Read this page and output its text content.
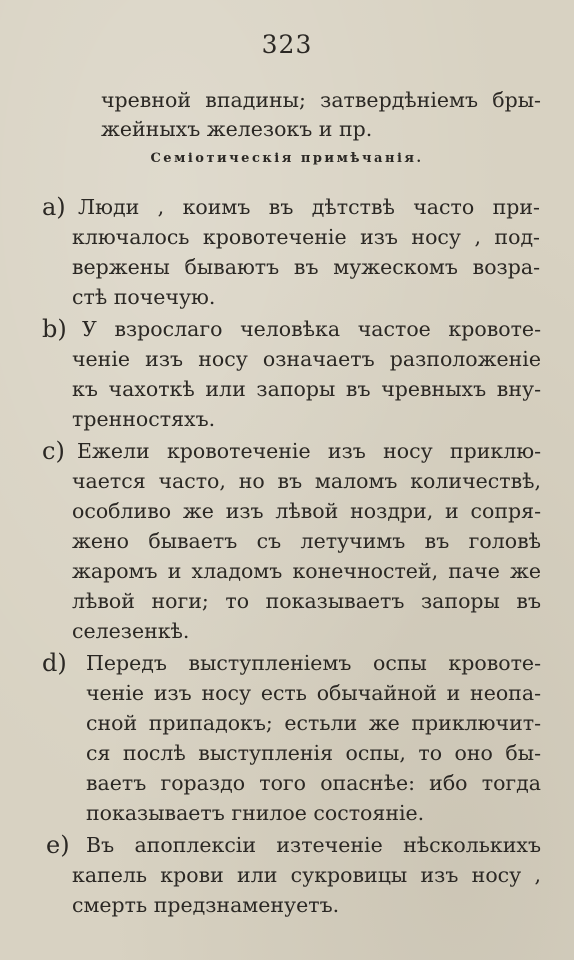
323
чревной впадины; затвердѣніемъ бры-
жейныхъ железокъ и пр.
Семіотическія примѣчанія.
a) Люди , коимъ въ дѣтствѣ часто при-
ключалось кровотеченіе изъ носу , под-
вержены бываютъ въ мужескомъ возра-
стѣ почечую.
b) У взрослаго человѣка частое кровоте-
ченіе изъ носу означаетъ разположеніе
къ чахоткѣ или запоры въ чревныхъ вну-
тренностяхъ.
c) Ежели кровотеченіе изъ носу приклю-
чается часто, но въ маломъ количествѣ,
особливо же изъ лѣвой ноздри, и сопря-
жено бываетъ съ летучимъ въ головѣ
жаромъ и хладомъ конечностей, паче же
лѣвой ноги; то показываетъ запоры въ
селезенкѣ.
d) Передъ выступленіемъ оспы кровоте-
ченіе изъ носу есть обычайной и неопа-
сной припадокъ; естьли же приключит-
ся послѣ выступленія оспы, то оно бы-
ваетъ гораздо того опаснѣе: ибо тогда
показываетъ гнилое состояніе.
e) Въ апоплексіи изтеченіе нѣсколькихъ
капель крови или сукровицы изъ носу ,
смерть предзнаменуетъ.
